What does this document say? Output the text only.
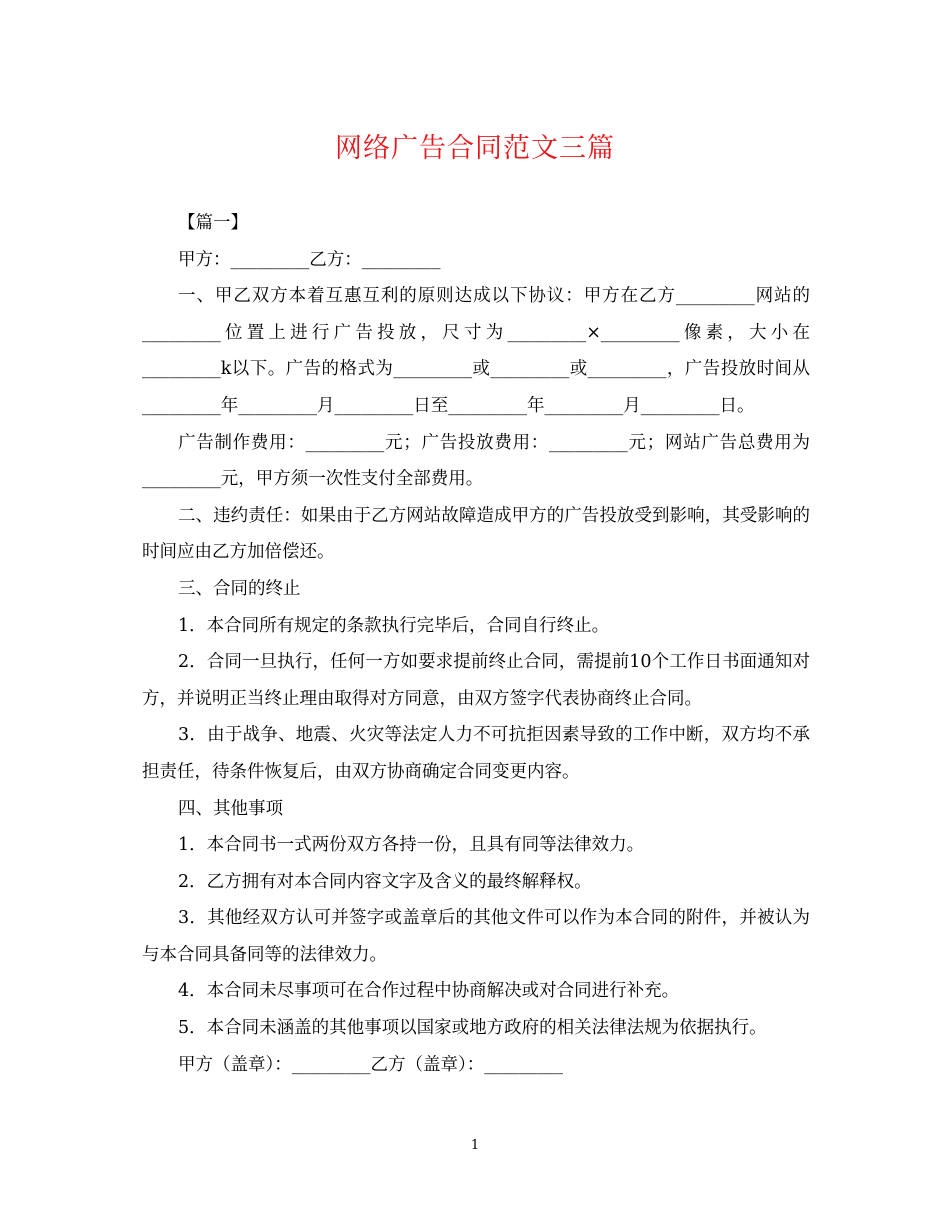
网络广告合同范文三篇

【篇一】

甲方：_________乙方：_________

一、甲乙双方本着互惠互利的原则达成以下协议：甲方在乙方_________网站的_________位置上进行广告投放，尺寸为_________×_________像素，大小在_________k以下。广告的格式为_________或_________或_________，广告投放时间从_________年_________月_________日至_________年_________月_________日。

广告制作费用：_________元；广告投放费用：_________元；网站广告总费用为_________元，甲方须一次性支付全部费用。

二、违约责任：如果由于乙方网站故障造成甲方的广告投放受到影响，其受影响的时间应由乙方加倍偿还。

三、合同的终止

1．本合同所有规定的条款执行完毕后，合同自行终止。

2．合同一旦执行，任何一方如要求提前终止合同，需提前10个工作日书面通知对方，并说明正当终止理由取得对方同意，由双方签字代表协商终止合同。

3．由于战争、地震、火灾等法定人力不可抗拒因素导致的工作中断，双方均不承担责任，待条件恢复后，由双方协商确定合同变更内容。

四、其他事项

1．本合同书一式两份双方各持一份，且具有同等法律效力。

2．乙方拥有对本合同内容文字及含义的最终解释权。

3．其他经双方认可并签字或盖章后的其他文件可以作为本合同的附件，并被认为与本合同具备同等的法律效力。

4．本合同未尽事项可在合作过程中协商解决或对合同进行补充。

5．本合同未涵盖的其他事项以国家或地方政府的相关法律法规为依据执行。

甲方（盖章）：_________乙方（盖章）：_________

1
